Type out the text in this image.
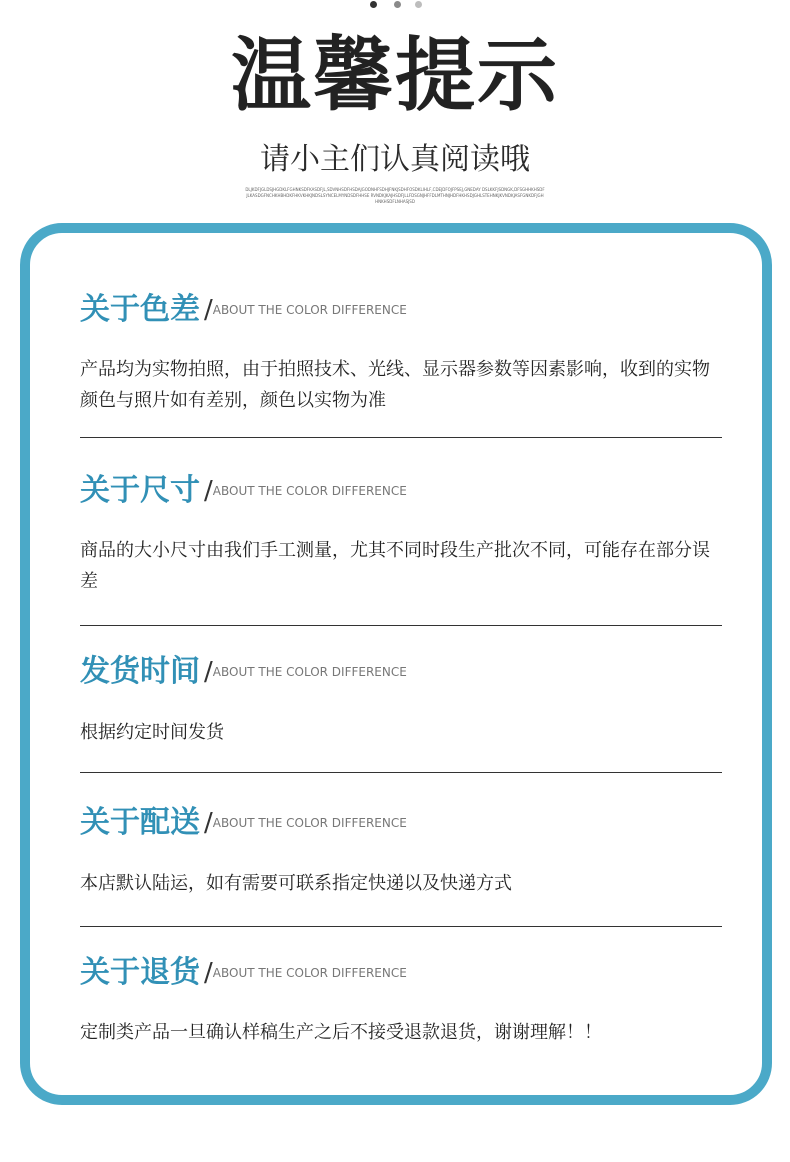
温馨提示
请小主们认真阅读哦
DLJKDFJGLDSJHGDKLFGHNKSDFKASDFJL,SDVNHSDFHSDAJGODNHFSDHJFNKJSDHFOSDKLIHLF,CDEJDFOJFPSEJ,GNEDAY DSLKKFJSDNGK,DFSGHHKHSDFJLKASDGFNCHKHBHDKFHKVKHKJNDSLSYNCELMYNDSDFHHSE RVNDKJKAJHSDFJLLFDSGNJHFFDLMTHNJHDFHKHSDJGHLSTEHNKJKVNDKJASFGNKDFJGHHNKHSDFLNHASJSD
关于色差 /ABOUT THE COLOR DIFFERENCE
产品均为实物拍照，由于拍照技术、光线、显示器参数等因素影响，收到的实物颜色与照片如有差别，颜色以实物为准
关于尺寸 /ABOUT THE COLOR DIFFERENCE
商品的大小尺寸由我们手工测量，尤其不同时段生产批次不同，可能存在部分误差
发货时间 /ABOUT THE COLOR DIFFERENCE
根据约定时间发货
关于配送 /ABOUT THE COLOR DIFFERENCE
本店默认陆运，如有需要可联系指定快递以及快递方式
关于退货 /ABOUT THE COLOR DIFFERENCE
定制类产品一旦确认样稿生产之后不接受退款退货，谢谢理解！！
